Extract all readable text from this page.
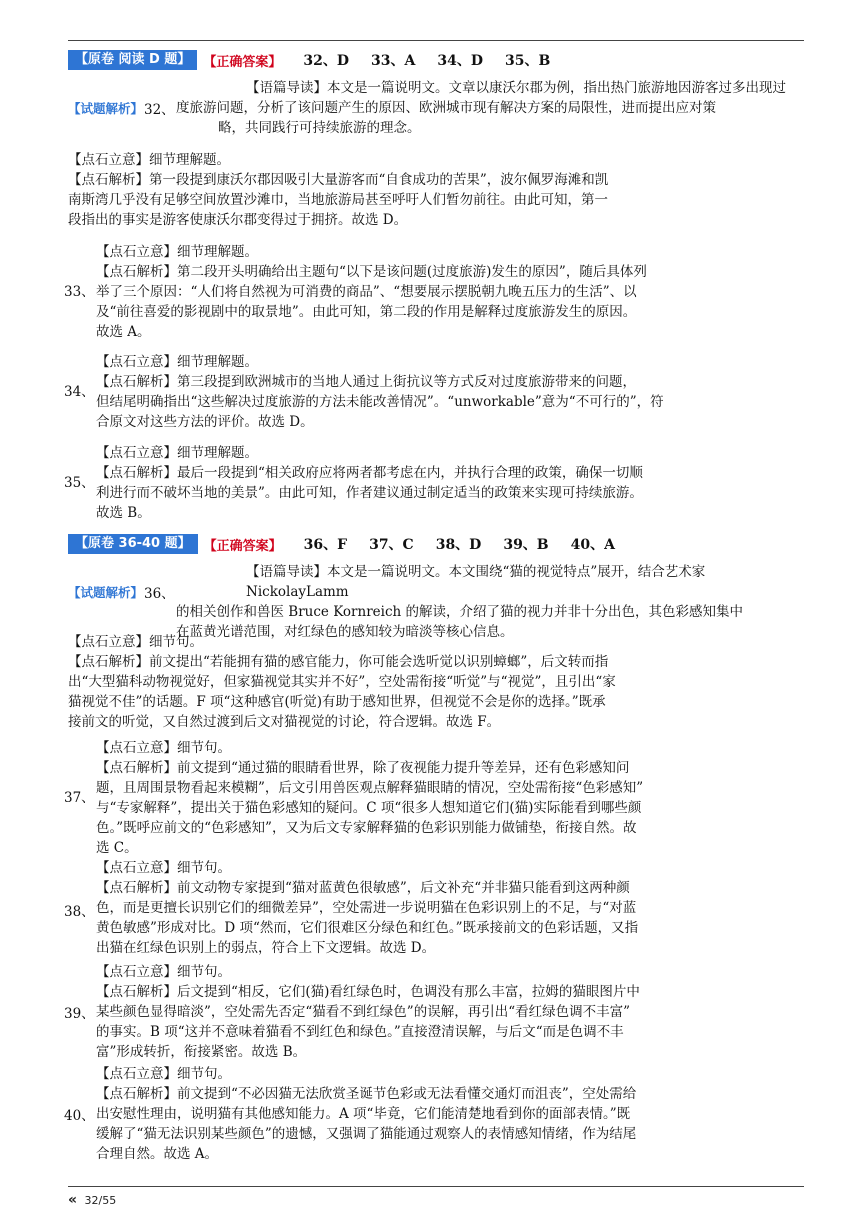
【原卷 阅读 D 题】	【正确答案】 32、D 33、A 34、D 35、B
【试题解析】 32、

【语篇导读】本文是一篇说明文。文章以康沃尔郡为例，指出热门旅游地因游客过多出现过

度旅游问题，分析了该问题产生的原因、欧洲城市现有解决方案的局限性，进而提出应对策

略，共同践行可持续旅游的理念。

【点石立意】细节理解题。

【点石解析】第一段提到康沃尔郡因吸引大量游客而“自食成功的苦果”，波尔佩罗海滩和凯

南斯湾几乎没有足够空间放置沙滩巾，当地旅游局甚至呼吁人们暂勿前往。由此可知，第一

段指出的事实是游客使康沃尔郡变得过于拥挤。故选 D。

33、

【点石立意】细节理解题。

【点石解析】第二段开头明确给出主题句“以下是该问题(过度旅游)发生的原因”，随后具体列

举了三个原因：“人们将自然视为可消费的商品”、“想要展示摆脱朝九晚五压力的生活”、以

及“前往喜爱的影视剧中的取景地”。由此可知，第二段的作用是解释过度旅游发生的原因。

故选 A。

34、

【点石立意】细节理解题。

【点石解析】第三段提到欧洲城市的当地人通过上街抗议等方式反对过度旅游带来的问题，

但结尾明确指出“这些解决过度旅游的方法未能改善情况”。“unworkable”意为“不可行的”，符

合原文对这些方法的评价。故选 D。

35、

【点石立意】细节理解题。

【点石解析】最后一段提到“相关政府应将两者都考虑在内，并执行合理的政策，确保一切顺

利进行而不破坏当地的美景”。由此可知，作者建议通过制定适当的政策来实现可持续旅游。

故选 B。

【原卷 36-40 题】	【正确答案】 36、F 37、C 38、D 39、B 40、A
【试题解析】 36、

【语篇导读】本文是一篇说明文。本文围绕“猫的视觉特点”展开，结合艺术家 NickolayLamm

的相关创作和兽医 Bruce Kornreich 的解读，介绍了猫的视力并非十分出色，其色彩感知集中

在蓝黄光谱范围，对红绿色的感知较为暗淡等核心信息。

【点石立意】细节句。

【点石解析】前文提出“若能拥有猫的感官能力，你可能会选听觉以识别蟑螂”，后文转而指

出“大型猫科动物视觉好，但家猫视觉其实并不好”，空处需衔接“听觉”与“视觉”，且引出“家

猫视觉不佳”的话题。F 项“这种感官(听觉)有助于感知世界，但视觉不会是你的选择。”既承

接前文的听觉，又自然过渡到后文对猫视觉的讨论，符合逻辑。故选 F。

37、

【点石立意】细节句。

【点石解析】前文提到“通过猫的眼睛看世界，除了夜视能力提升等差异，还有色彩感知问

题，且周围景物看起来模糊”，后文引用兽医观点解释猫眼睛的情况，空处需衔接“色彩感知”

与“专家解释”，提出关于猫色彩感知的疑问。C 项“很多人想知道它们(猫)实际能看到哪些颜

色。”既呼应前文的“色彩感知”，又为后文专家解释猫的色彩识别能力做铺垫，衔接自然。故

选 C。

38、

【点石立意】细节句。

【点石解析】前文动物专家提到“猫对蓝黄色很敏感”，后文补充“并非猫只能看到这两种颜

色，而是更擅长识别它们的细微差异”，空处需进一步说明猫在色彩识别上的不足，与“对蓝

黄色敏感”形成对比。D 项“然而，它们很难区分绿色和红色。”既承接前文的色彩话题，又指

出猫在红绿色识别上的弱点，符合上下文逻辑。故选 D。

39、

【点石立意】细节句。

【点石解析】后文提到“相反，它们(猫)看红绿色时，色调没有那么丰富，拉姆的猫眼图片中

某些颜色显得暗淡”，空处需先否定“猫看不到红绿色”的误解，再引出“看红绿色调不丰富”

的事实。B 项“这并不意味着猫看不到红色和绿色。”直接澄清误解，与后文“而是色调不丰

富”形成转折，衔接紧密。故选 B。

40、

【点石立意】细节句。

【点石解析】前文提到“不必因猫无法欣赏圣诞节色彩或无法看懂交通灯而沮丧”，空处需给

出安慰性理由，说明猫有其他感知能力。A 项“毕竟，它们能清楚地看到你的面部表情。”既

缓解了“猫无法识别某些颜色”的遗憾，又强调了猫能通过观察人的表情感知情绪，作为结尾

合理自然。故选 A。

« 32/55
